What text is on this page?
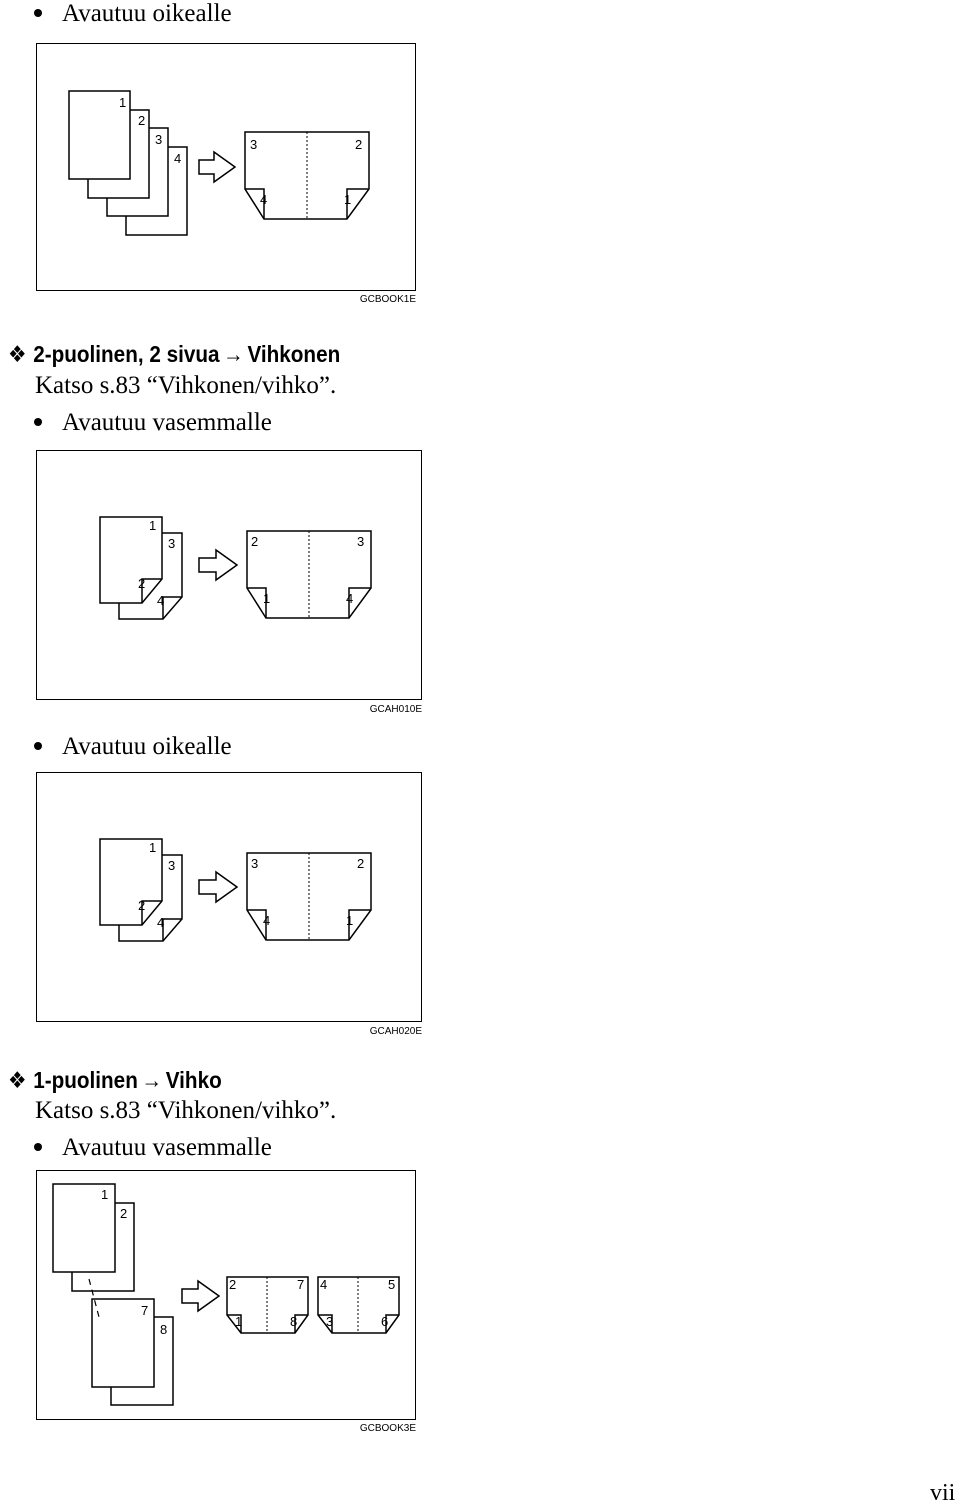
Avautuu oikealle
1
2
3
4
3	2
4	1
GCBOOK1E
❖ 2-puolinen, 2 sivua → Vihkonen
Katso s.83 “Vihkonen/vihko”.
Avautuu vasemmalle
1
3
2
4
2	3
1	4
GCAH010E
Avautuu oikealle
1
3
2
4
3	2
4	1
GCAH020E
❖ 1-puolinen → Vihko
Katso s.83 “Vihkonen/vihko”.
Avautuu vasemmalle
1
2
7
8
2	7
1	8
4	5
3	6
GCBOOK3E
vii
